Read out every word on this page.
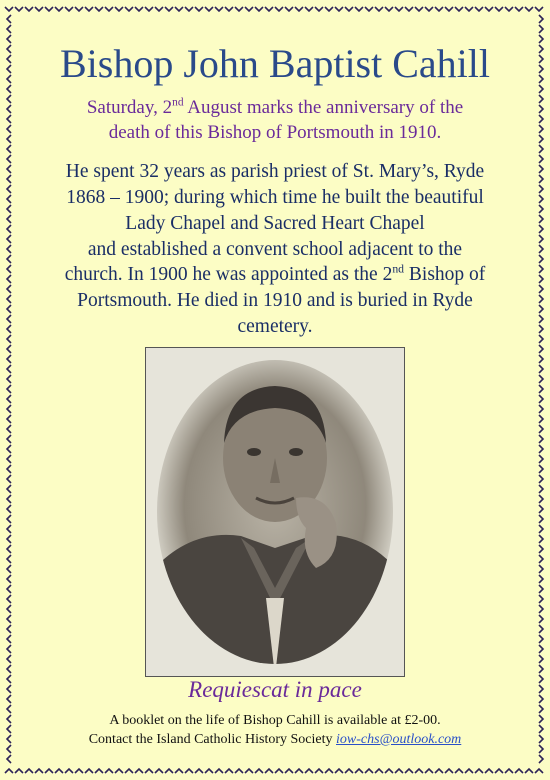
Bishop John Baptist Cahill

Saturday, 2nd August marks the anniversary of the
death of this Bishop of Portsmouth in 1910.

He spent 32 years as parish priest of St. Mary’s, Ryde
1868 – 1900; during which time he built the beautiful
Lady Chapel and Sacred Heart Chapel
and established a convent school adjacent to the
church. In 1900 he was appointed as the 2nd Bishop of
Portsmouth. He died in 1910 and is buried in Ryde
cemetery.

Requiescat in pace
A booklet on the life of Bishop Cahill is available at £2-00.
Contact the Island Catholic History Society iow-chs@outlook.com
